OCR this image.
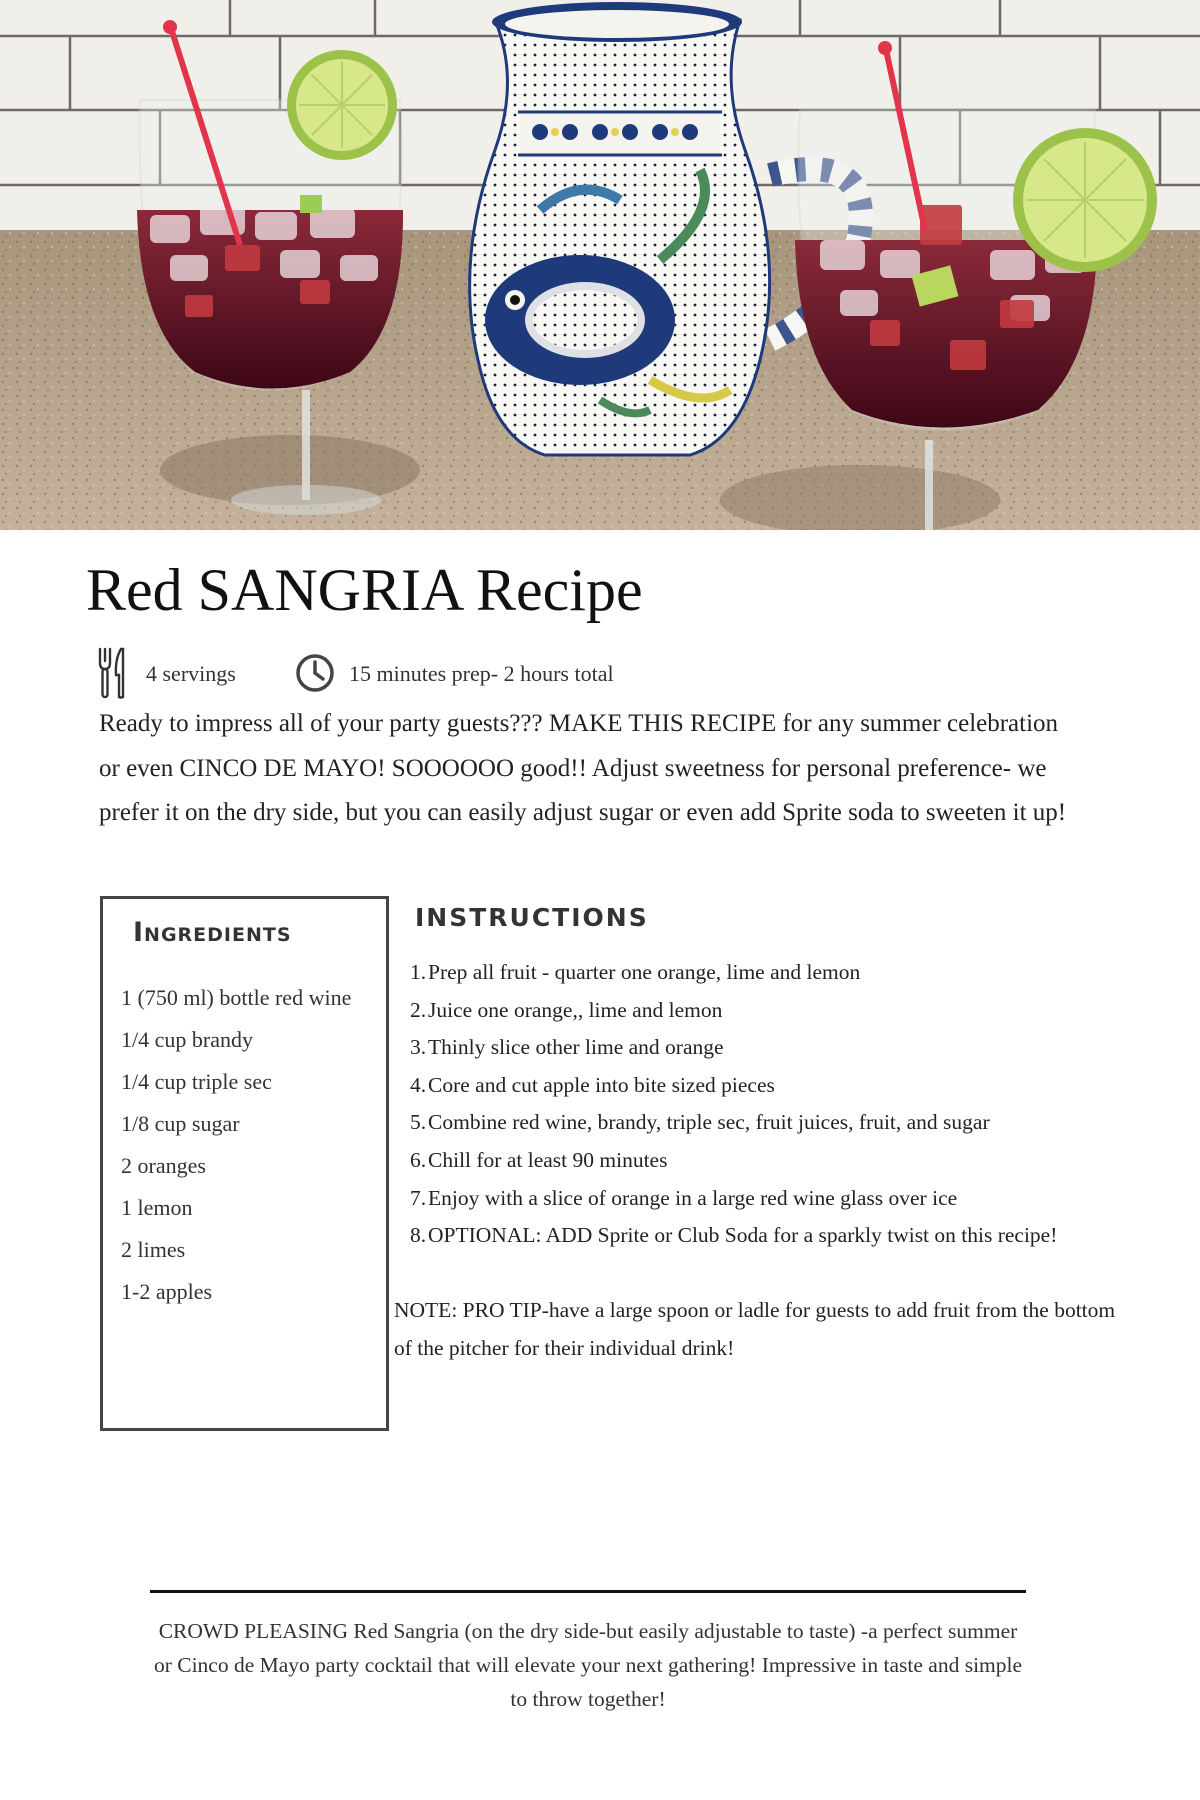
Red SANGRIA Recipe
4 servings	15 minutes prep- 2 hours total

Ready to impress all of your party guests??? MAKE THIS RECIPE for any summer celebration or even CINCO DE MAYO! SOOOOOO good!! Adjust sweetness for personal preference- we prefer it on the dry side, but you can easily adjust sugar or even add Sprite soda to sweeten it up!

Ingredients
1 (750 ml) bottle red wine
1/4 cup brandy
1/4 cup triple sec
1/8 cup sugar
2 oranges
1 lemon
2 limes
1-2 apples
INSTRUCTIONS
1.Prep all fruit - quarter one orange, lime and lemon
2.Juice one orange,, lime and lemon
3.Thinly slice other lime and orange
4.Core and cut apple into bite sized pieces
5.Combine red wine, brandy, triple sec, fruit juices, fruit, and sugar
6.Chill for at least 90 minutes
7.Enjoy with a slice of orange in a large red wine glass over ice
8.OPTIONAL: ADD Sprite or Club Soda for a sparkly twist on this recipe!

NOTE: PRO TIP-have a large spoon or ladle for guests to add fruit from the bottom of the pitcher for their individual drink!

CROWD PLEASING Red Sangria (on the dry side-but easily adjustable to taste) -a perfect summer or Cinco de Mayo party cocktail that will elevate your next gathering! Impressive in taste and simple to throw together!
